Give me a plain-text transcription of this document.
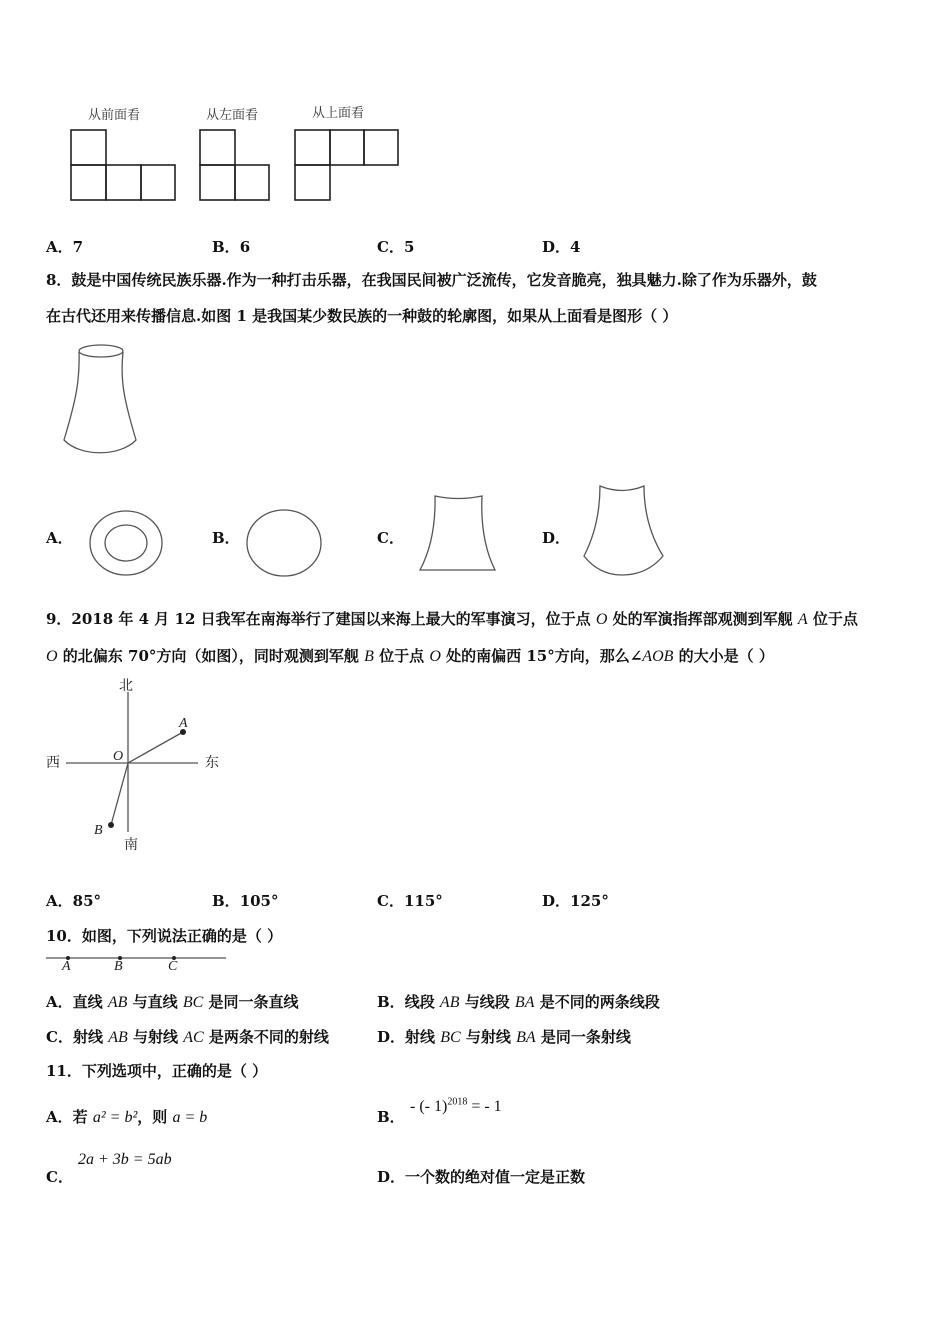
从前面看	从左面看	从上面看
A．7	B．6	C．5	D．4
8．鼓是中国传统民族乐器.作为一种打击乐器，在我国民间被广泛流传，它发音脆亮，独具魅力.除了作为乐器外，鼓
在古代还用来传播信息.如图 1 是我国某少数民族的一种鼓的轮廓图，如果从上面看是图形（ ）
A．	B．	C．	D．
9．2018 年 4 月 12 日我军在南海举行了建国以来海上最大的军事演习，位于点 O 处的军演指挥部观测到军舰 A 位于点
O 的北偏东 70°方向（如图），同时观测到军舰 B 位于点 O 处的南偏西 15°方向，那么∠AOB 的大小是（ ）
北
南
西	东
O
A
B
A．85°	B．105°	C．115°	D．125°
10．如图，下列说法正确的是（ ）
A	B	C
A．直线 AB 与直线 BC 是同一条直线	B．线段 AB 与线段 BA 是不同的两条线段
C．射线 AB 与射线 AC 是两条不同的射线	D．射线 BC 与射线 BA 是同一条射线
11．下列选项中，正确的是（ ）
A．若 a² = b²，则 a = b	B．
- (- 1)$^{2018}$ = - 1
C．
2a + 3b = 5ab
D．一个数的绝对值一定是正数
